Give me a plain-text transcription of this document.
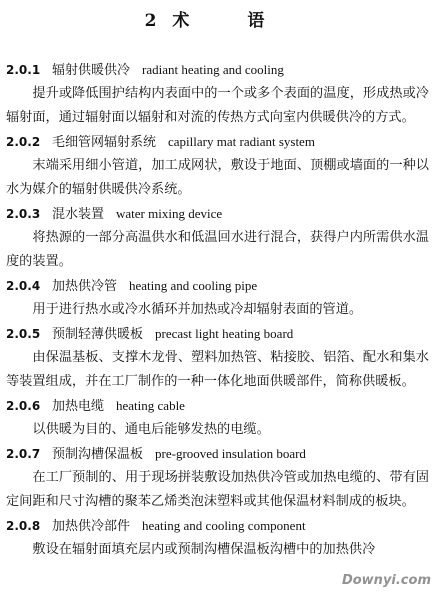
2 术 语
2.0.1 辐射供暖供冷 radiant heating and cooling

提升或降低围护结构内表面中的一个或多个表面的温度，形成热或冷辐射面，通过辐射面以辐射和对流的传热方式向室内供暖供冷的方式。

2.0.2 毛细管网辐射系统 capillary mat radiant system

末端采用细小管道，加工成网状，敷设于地面、顶棚或墙面的一种以水为媒介的辐射供暖供冷系统。

2.0.3 混水装置 water mixing device

将热源的一部分高温供水和低温回水进行混合，获得户内所需供水温度的装置。

2.0.4 加热供冷管 heating and cooling pipe

用于进行热水或冷水循环并加热或冷却辐射表面的管道。

2.0.5 预制轻薄供暖板 precast light heating board

由保温基板、支撑木龙骨、塑料加热管、粘接胶、铝箔、配水和集水等装置组成，并在工厂制作的一种一体化地面供暖部件，简称供暖板。

2.0.6 加热电缆 heating cable

以供暖为目的、通电后能够发热的电缆。

2.0.7 预制沟槽保温板 pre-grooved insulation board

在工厂预制的、用于现场拼装敷设加热供冷管或加热电缆的、带有固定间距和尺寸沟槽的聚苯乙烯类泡沫塑料或其他保温材料制成的板块。

2.0.8 加热供冷部件 heating and cooling component

敷设在辐射面填充层内或预制沟槽保温板沟槽中的加热供冷

Downyi.com
